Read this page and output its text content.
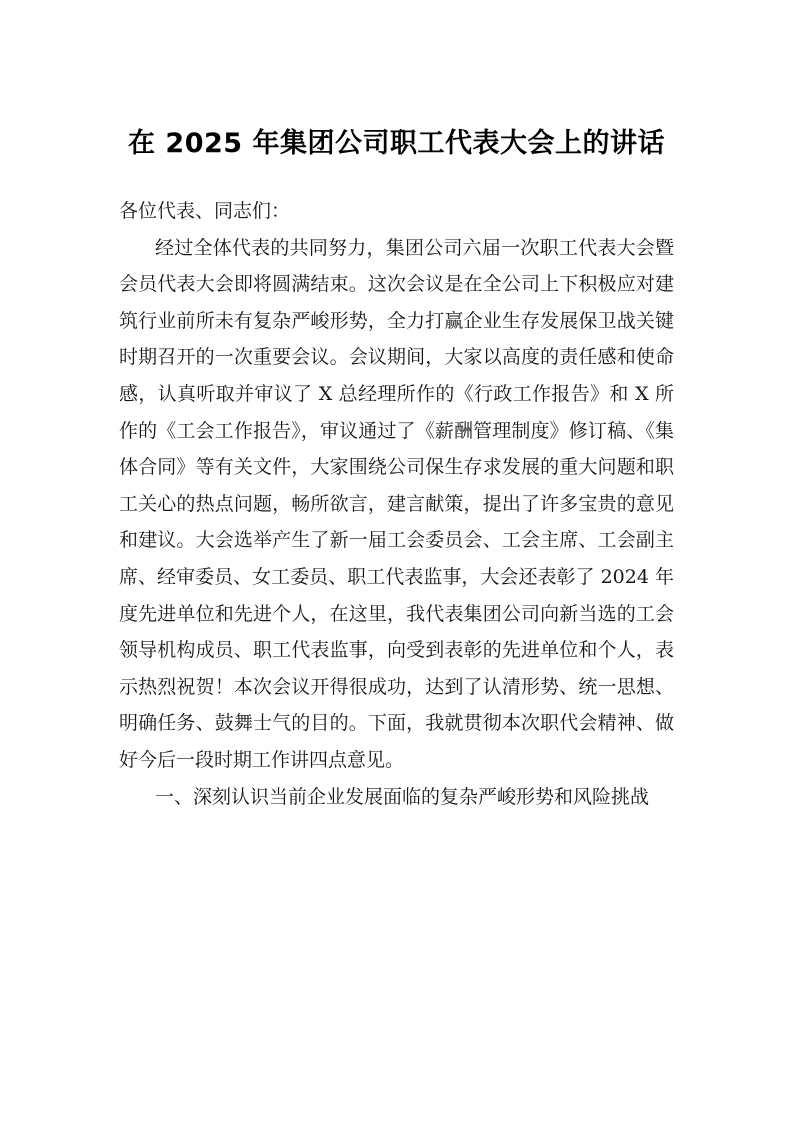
在 2025 年集团公司职工代表大会上的讲话

各位代表、同志们：

经过全体代表的共同努力，集团公司六届一次职工代表大会暨会员代表大会即将圆满结束。这次会议是在全公司上下积极应对建筑行业前所未有复杂严峻形势，全力打赢企业生存发展保卫战关键时期召开的一次重要会议。会议期间，大家以高度的责任感和使命感，认真听取并审议了 X 总经理所作的《行政工作报告》和 X 所作的《工会工作报告》，审议通过了《薪酬管理制度》修订稿、《集体合同》等有关文件，大家围绕公司保生存求发展的重大问题和职工关心的热点问题，畅所欲言，建言献策，提出了许多宝贵的意见和建议。大会选举产生了新一届工会委员会、工会主席、工会副主席、经审委员、女工委员、职工代表监事，大会还表彰了 2024 年度先进单位和先进个人，在这里，我代表集团公司向新当选的工会领导机构成员、职工代表监事，向受到表彰的先进单位和个人，表示热烈祝贺！本次会议开得很成功，达到了认清形势、统一思想、明确任务、鼓舞士气的目的。下面，我就贯彻本次职代会精神、做好今后一段时期工作讲四点意见。

一、深刻认识当前企业发展面临的复杂严峻形势和风险挑战
